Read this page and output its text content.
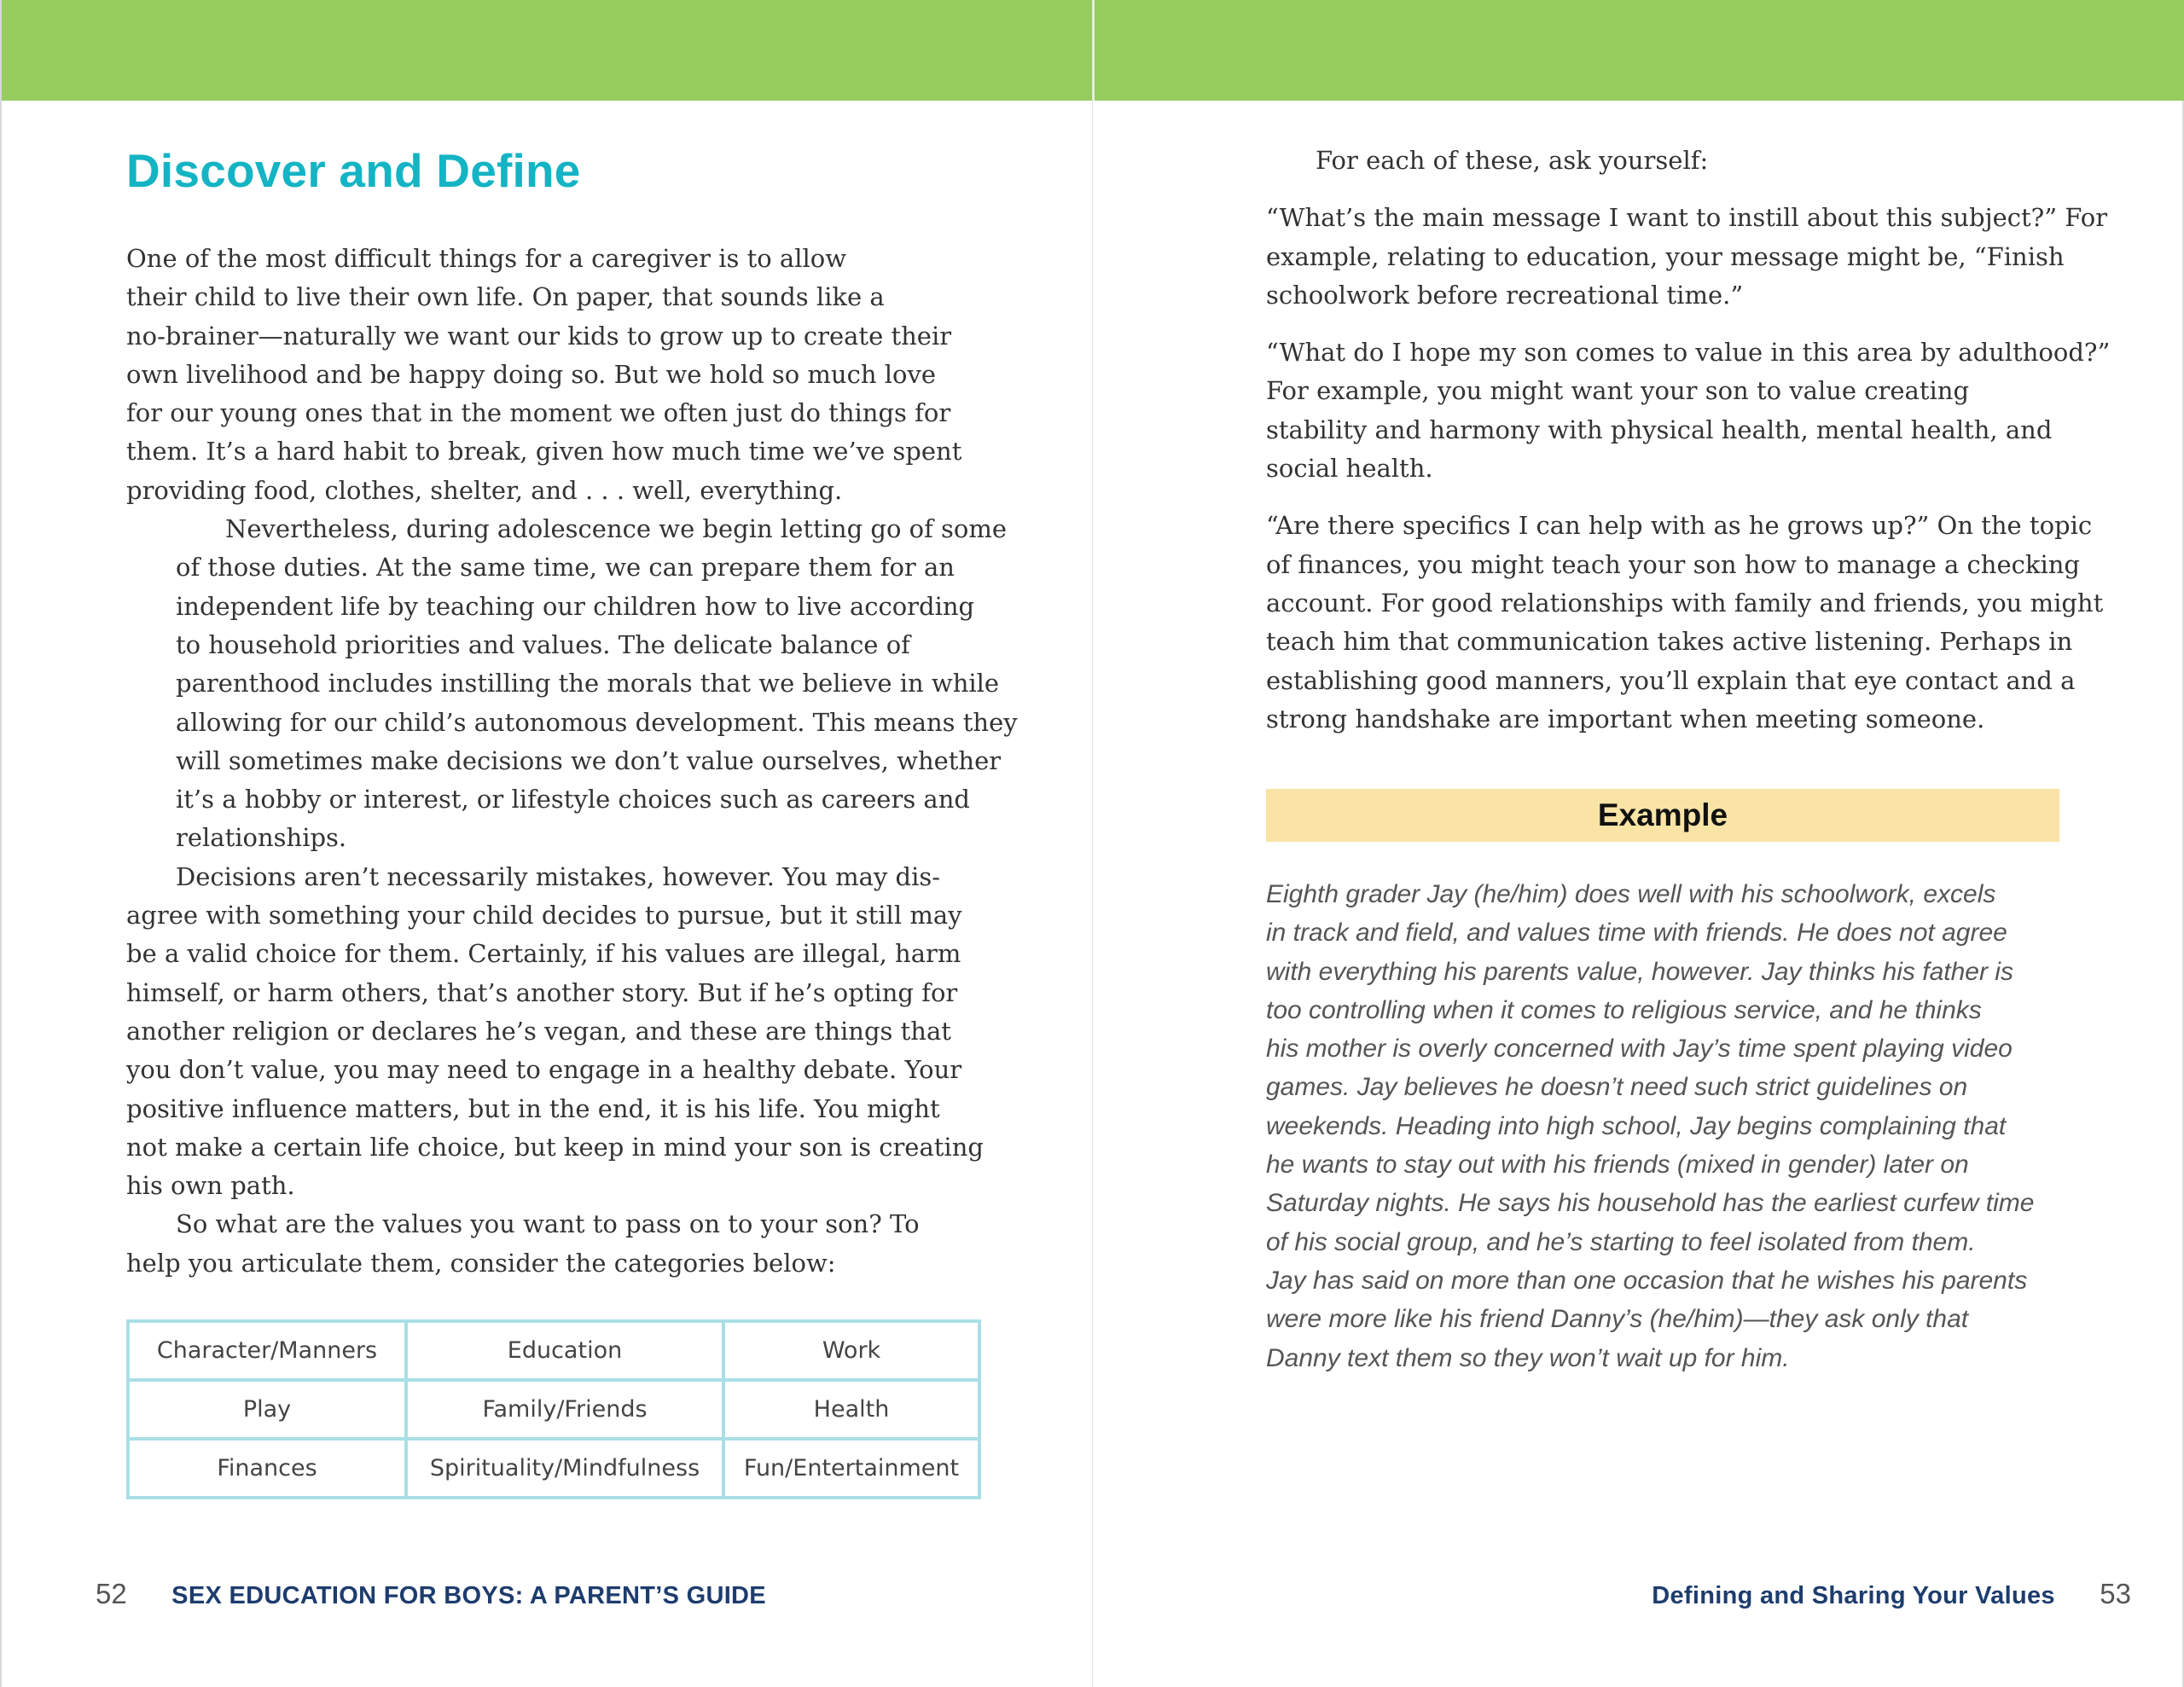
Discover and Define

One of the most difficult things for a caregiver is to allow
their child to live their own life. On paper, that sounds like a
no-brainer—naturally we want our kids to grow up to create their
own livelihood and be happy doing so. But we hold so much love
for our young ones that in the moment we often just do things for
them. It’s a hard habit to break, given how much time we’ve spent
providing food, clothes, shelter, and . . . well, everything.

Nevertheless, during adolescence we begin letting go of some
of those duties. At the same time, we can prepare them for an
independent life by teaching our children how to live according
to household priorities and values. The delicate balance of
parenthood includes instilling the morals that we believe in while
allowing for our child’s autonomous development. This means they
will sometimes make decisions we don’t value ourselves, whether
it’s a hobby or interest, or lifestyle choices such as careers and
relationships.

Decisions aren’t necessarily mistakes, however. You may dis-
agree with something your child decides to pursue, but it still may
be a valid choice for them. Certainly, if his values are illegal, harm
himself, or harm others, that’s another story. But if he’s opting for
another religion or declares he’s vegan, and these are things that
you don’t value, you may need to engage in a healthy debate. Your
positive influence matters, but in the end, it is his life. You might
not make a certain life choice, but keep in mind your son is creating
his own path.

So what are the values you want to pass on to your son? To
help you articulate them, consider the categories below:

Character/Manners	Education	Work
Play	Family/Friends	Health
Finances	Spirituality/Mindfulness	Fun/Entertainment
52 SEX EDUCATION FOR BOYS: A PARENT’S GUIDE

For each of these, ask yourself:

“What’s the main message I want to instill about this subject?” For
example, relating to education, your message might be, “Finish
schoolwork before recreational time.”

“What do I hope my son comes to value in this area by adulthood?”
For example, you might want your son to value creating
stability and harmony with physical health, mental health, and
social health.

“Are there specifics I can help with as he grows up?” On the topic
of finances, you might teach your son how to manage a checking
account. For good relationships with family and friends, you might
teach him that communication takes active listening. Perhaps in
establishing good manners, you’ll explain that eye contact and a
strong handshake are important when meeting someone.

Example
Eighth grader Jay (he/him) does well with his schoolwork, excels
in track and field, and values time with friends. He does not agree
with everything his parents value, however. Jay thinks his father is
too controlling when it comes to religious service, and he thinks
his mother is overly concerned with Jay’s time spent playing video
games. Jay believes he doesn’t need such strict guidelines on
weekends. Heading into high school, Jay begins complaining that
he wants to stay out with his friends (mixed in gender) later on
Saturday nights. He says his household has the earliest curfew time
of his social group, and he’s starting to feel isolated from them.
Jay has said on more than one occasion that he wishes his parents
were more like his friend Danny’s (he/him)—they ask only that
Danny text them so they won’t wait up for him.
Defining and Sharing Your Values 53
